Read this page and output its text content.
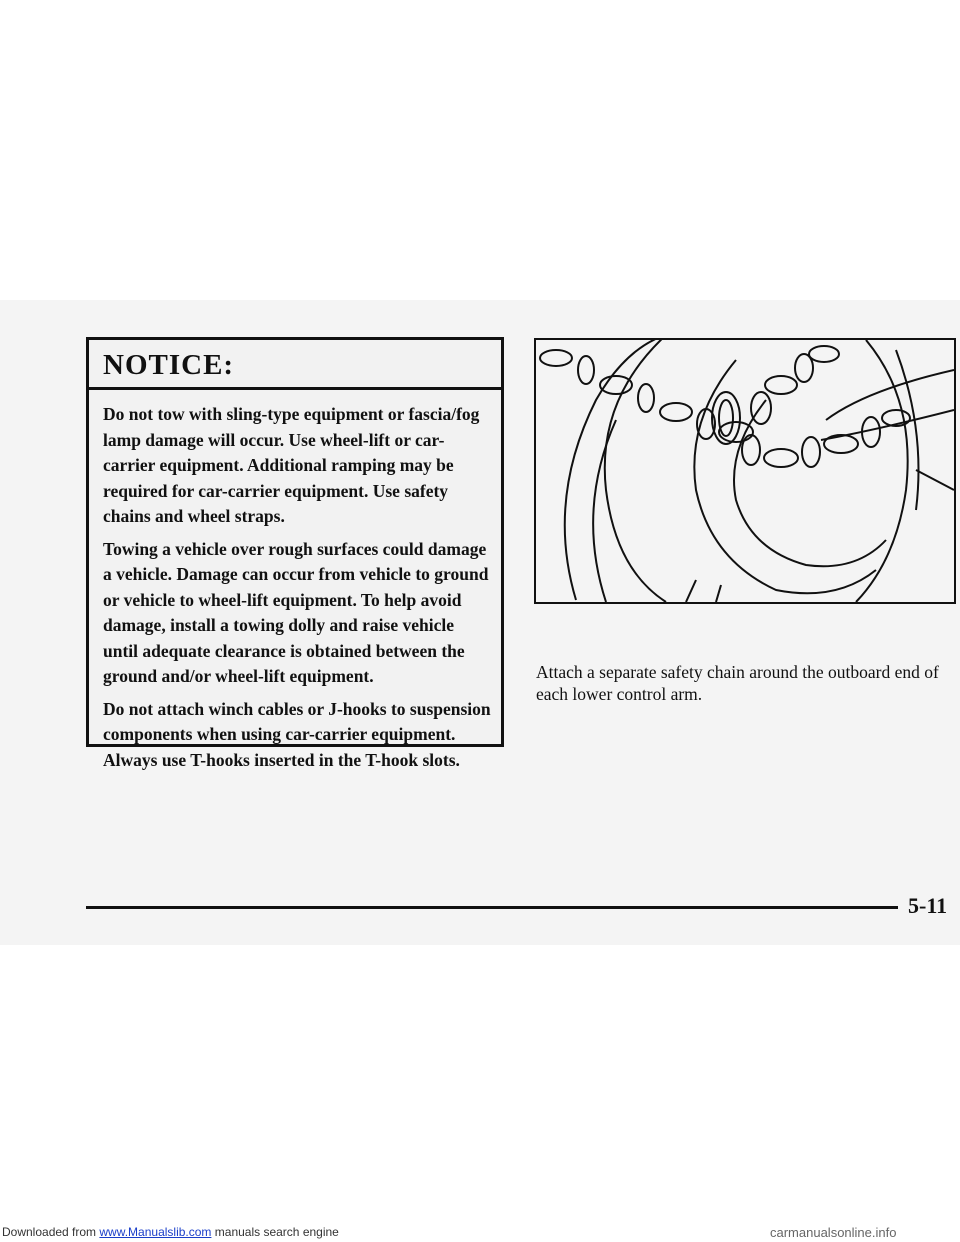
NOTICE:

Do not tow with sling-type equipment or fascia/fog lamp damage will occur. Use wheel-lift or car-carrier equipment. Additional ramping may be required for car-carrier equipment. Use safety chains and wheel straps.

Towing a vehicle over rough surfaces could damage a vehicle. Damage can occur from vehicle to ground or vehicle to wheel-lift equipment. To help avoid damage, install a towing dolly and raise vehicle until adequate clearance is obtained between the ground and/or wheel-lift equipment.

Do not attach winch cables or J-hooks to suspension components when using car-carrier equipment. Always use T-hooks inserted in the T-hook slots.

Attach a separate safety chain around the outboard end of each lower control arm.
5-11
Downloaded from www.Manualslib.com manuals search engine	carmanualsonline.info
